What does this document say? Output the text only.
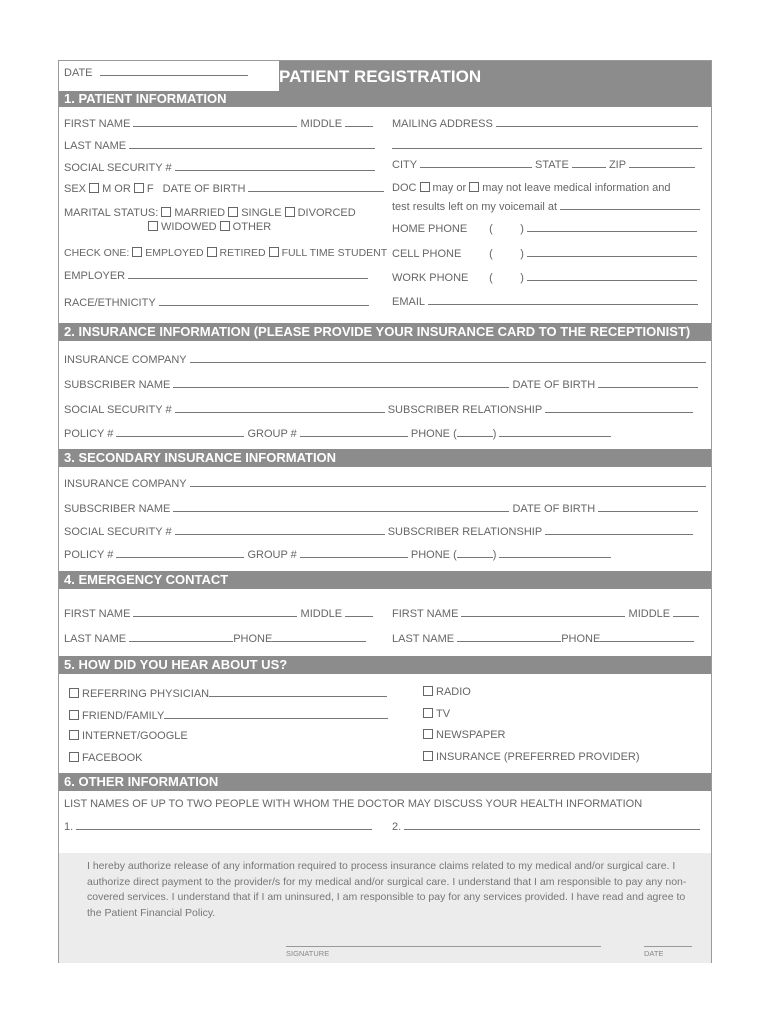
DATE	PATIENT REGISTRATION
1. PATIENT INFORMATION
FIRST NAME	MIDDLE
LAST NAME
SOCIAL SECURITY #
SEX M OR F DATE OF BIRTH
MARITAL STATUS: MARRIED SINGLE DIVORCED
WIDOWED OTHER
CHECK ONE: EMPLOYED RETIRED FULL TIME STUDENT
EMPLOYER
RACE/ETHNICITY
MAILING ADDRESS
CITY	STATE	ZIP
DOC may or may not leave medical information and
test results left on my voicemail at
HOME PHONE (         )
CELL PHONE	(         )
WORK PHONE (         )
EMAIL
2. INSURANCE INFORMATION (PLEASE PROVIDE YOUR INSURANCE CARD TO THE RECEPTIONIST)
INSURANCE COMPANY
SUBSCRIBER NAME	DATE OF BIRTH
SOCIAL SECURITY #	SUBSCRIBER RELATIONSHIP
POLICY #	GROUP #	PHONE (	)
3. SECONDARY INSURANCE INFORMATION
INSURANCE COMPANY
SUBSCRIBER NAME	DATE OF BIRTH
SOCIAL SECURITY #	SUBSCRIBER RELATIONSHIP
POLICY #	GROUP #	PHONE (	)
4. EMERGENCY CONTACT
FIRST NAME	MIDDLE	FIRST NAME	MIDDLE
LAST NAME	PHONE	LAST NAME	PHONE
5. HOW DID YOU HEAR ABOUT US?
REFERRING PHYSICIAN
FRIEND/FAMILY
INTERNET/GOOGLE
FACEBOOK
RADIO
TV
NEWSPAPER
INSURANCE (PREFERRED PROVIDER)
6. OTHER INFORMATION
LIST NAMES OF UP TO TWO PEOPLE WITH WHOM THE DOCTOR MAY DISCUSS YOUR HEALTH INFORMATION
1.	2.

I hereby authorize release of any information required to process insurance claims related to my medical and/or surgical care. I authorize direct payment to the provider/s for my medical and/or surgical care. I understand that I am responsible to pay any non-covered services. I understand that if I am uninsured, I am responsible to pay for any services provided. I have read and agree to the Patient Financial Policy.

SIGNATURE	DATE
